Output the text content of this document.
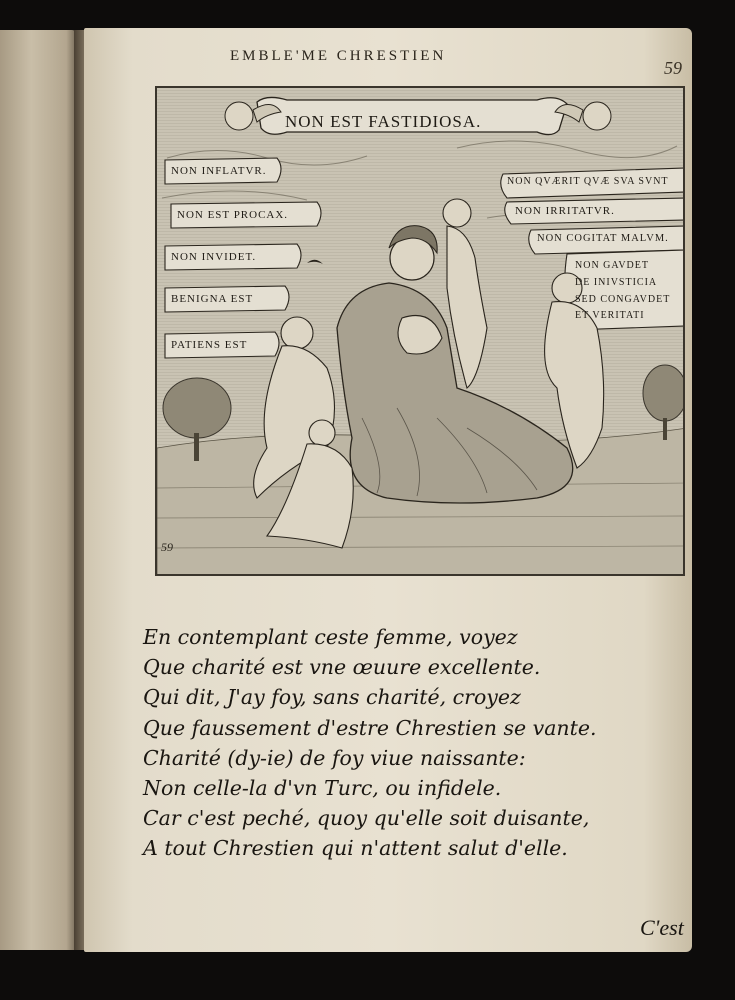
EMBLE'ME CHRESTIEN
59
NON EST FASTIDIOSA.
NON INFLATVR.
NON EST PROCAX.
NON INVIDET.
BENIGNA EST
PATIENS EST
NON QVÆRIT QVÆ SVA SVNT
NON IRRITATVR.
NON COGITAT MALVM.
NON GAVDET
DE INIVSTICIA
SED CONGAVDET
ET VERITATI
59
En contemplant ceste femme, voyez
Que charité est vne œuure excellente.
Qui dit, J'ay foy, sans charité, croyez
Que faussement d'estre Chrestien se vante.
Charité (dy-ie) de foy viue naissante:
Non celle-la d'vn Turc, ou infidele.
Car c'est peché, quoy qu'elle soit duisante,
A tout Chrestien qui n'attent salut d'elle.
C'est
